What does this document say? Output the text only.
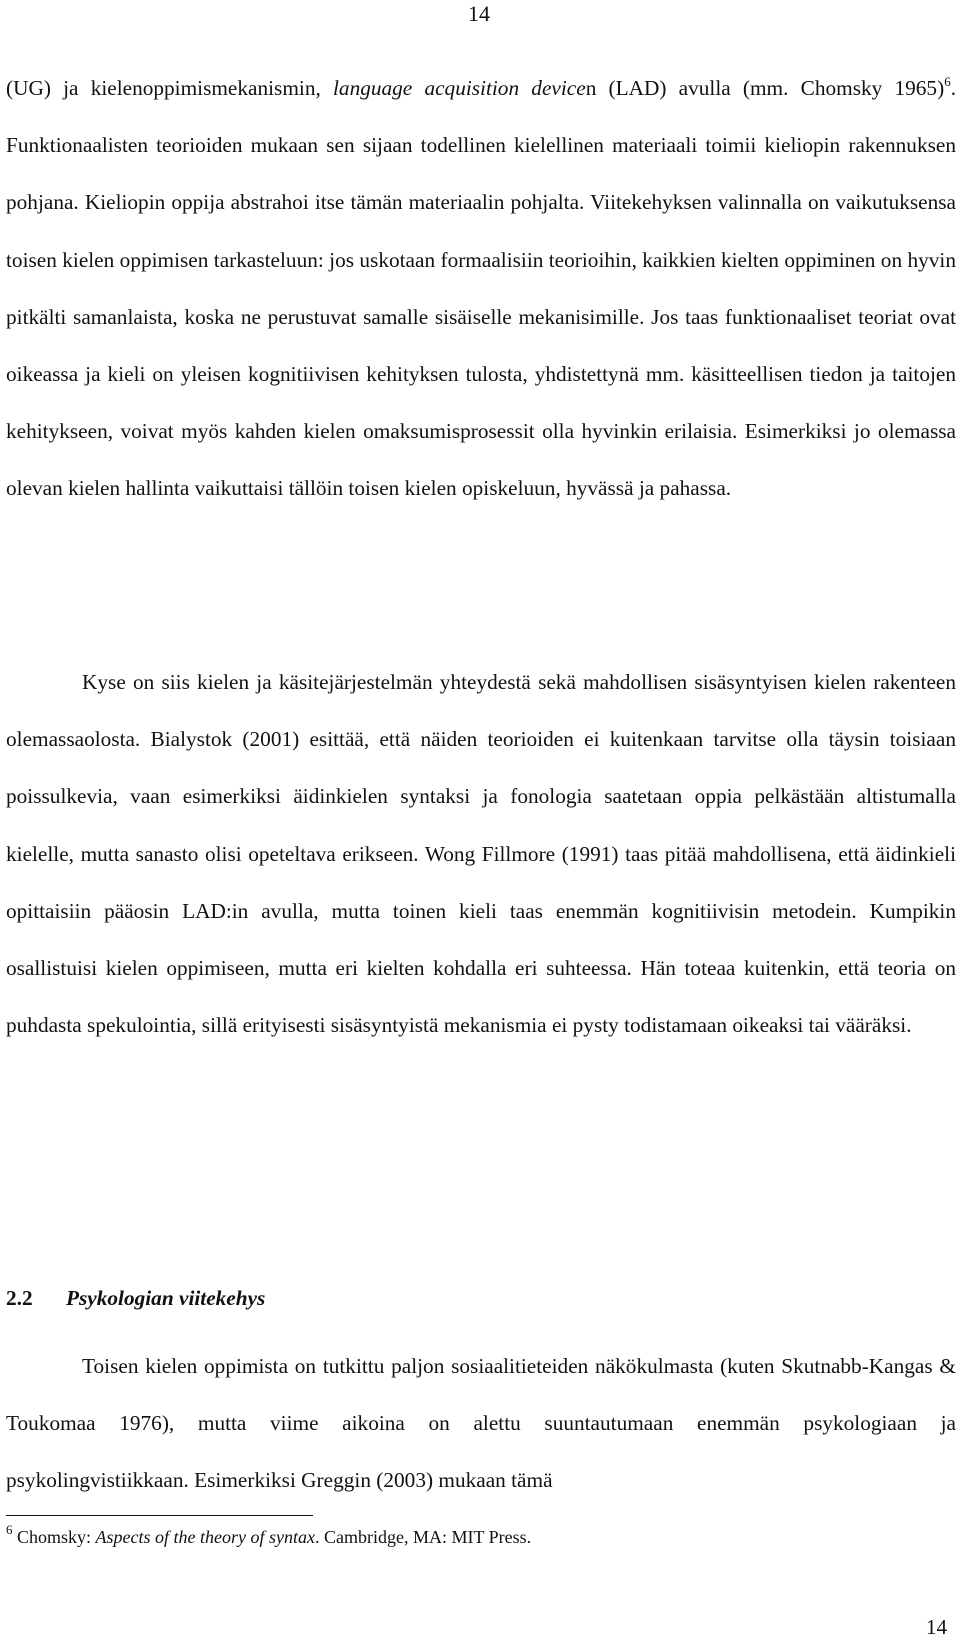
14

(UG) ja kielenoppimismekanismin, language acquisition devicen (LAD) avulla (mm. Chomsky 1965)$^6$. Funktionaalisten teorioiden mukaan sen sijaan todellinen kielellinen materiaali toimii kieliopin rakennuksen pohjana. Kieliopin oppija abstrahoi itse tämän materiaalin pohjalta. Viitekehyksen valinnalla on vaikutuksensa toisen kielen oppimisen tarkasteluun: jos uskotaan formaalisiin teorioihin, kaikkien kielten oppiminen on hyvin pitkälti samanlaista, koska ne perustuvat samalle sisäiselle mekanisimille. Jos taas funktionaaliset teoriat ovat oikeassa ja kieli on yleisen kognitiivisen kehityksen tulosta, yhdistettynä mm. käsitteellisen tiedon ja taitojen kehitykseen, voivat myös kahden kielen omaksumisprosessit olla hyvinkin erilaisia. Esimerkiksi jo olemassa olevan kielen hallinta vaikuttaisi tällöin toisen kielen opiskeluun, hyvässä ja pahassa.

Kyse on siis kielen ja käsitejärjestelmän yhteydestä sekä mahdollisen sisäsyntyisen kielen rakenteen olemassaolosta. Bialystok (2001) esittää, että näiden teorioiden ei kuitenkaan tarvitse olla täysin toisiaan poissulkevia, vaan esimerkiksi äidinkielen syntaksi ja fonologia saatetaan oppia pelkästään altistumalla kielelle, mutta sanasto olisi opeteltava erikseen. Wong Fillmore (1991) taas pitää mahdollisena, että äidinkieli opittaisiin pääosin LAD:in avulla, mutta toinen kieli taas enemmän kognitiivisin metodein. Kumpikin osallistuisi kielen oppimiseen, mutta eri kielten kohdalla eri suhteessa. Hän toteaa kuitenkin, että teoria on puhdasta spekulointia, sillä erityisesti sisäsyntyistä mekanismia ei pysty todistamaan oikeaksi tai vääräksi.

2.2 Psykologian viitekehys

Toisen kielen oppimista on tutkittu paljon sosiaalitieteiden näkökulmasta (kuten Skutnabb-Kangas & Toukomaa 1976), mutta viime aikoina on alettu suuntautumaan enemmän psykologiaan ja psykolingvistiikkaan. Esimerkiksi Greggin (2003) mukaan tämä

$^6$ Chomsky: Aspects of the theory of syntax. Cambridge, MA: MIT Press.

14
